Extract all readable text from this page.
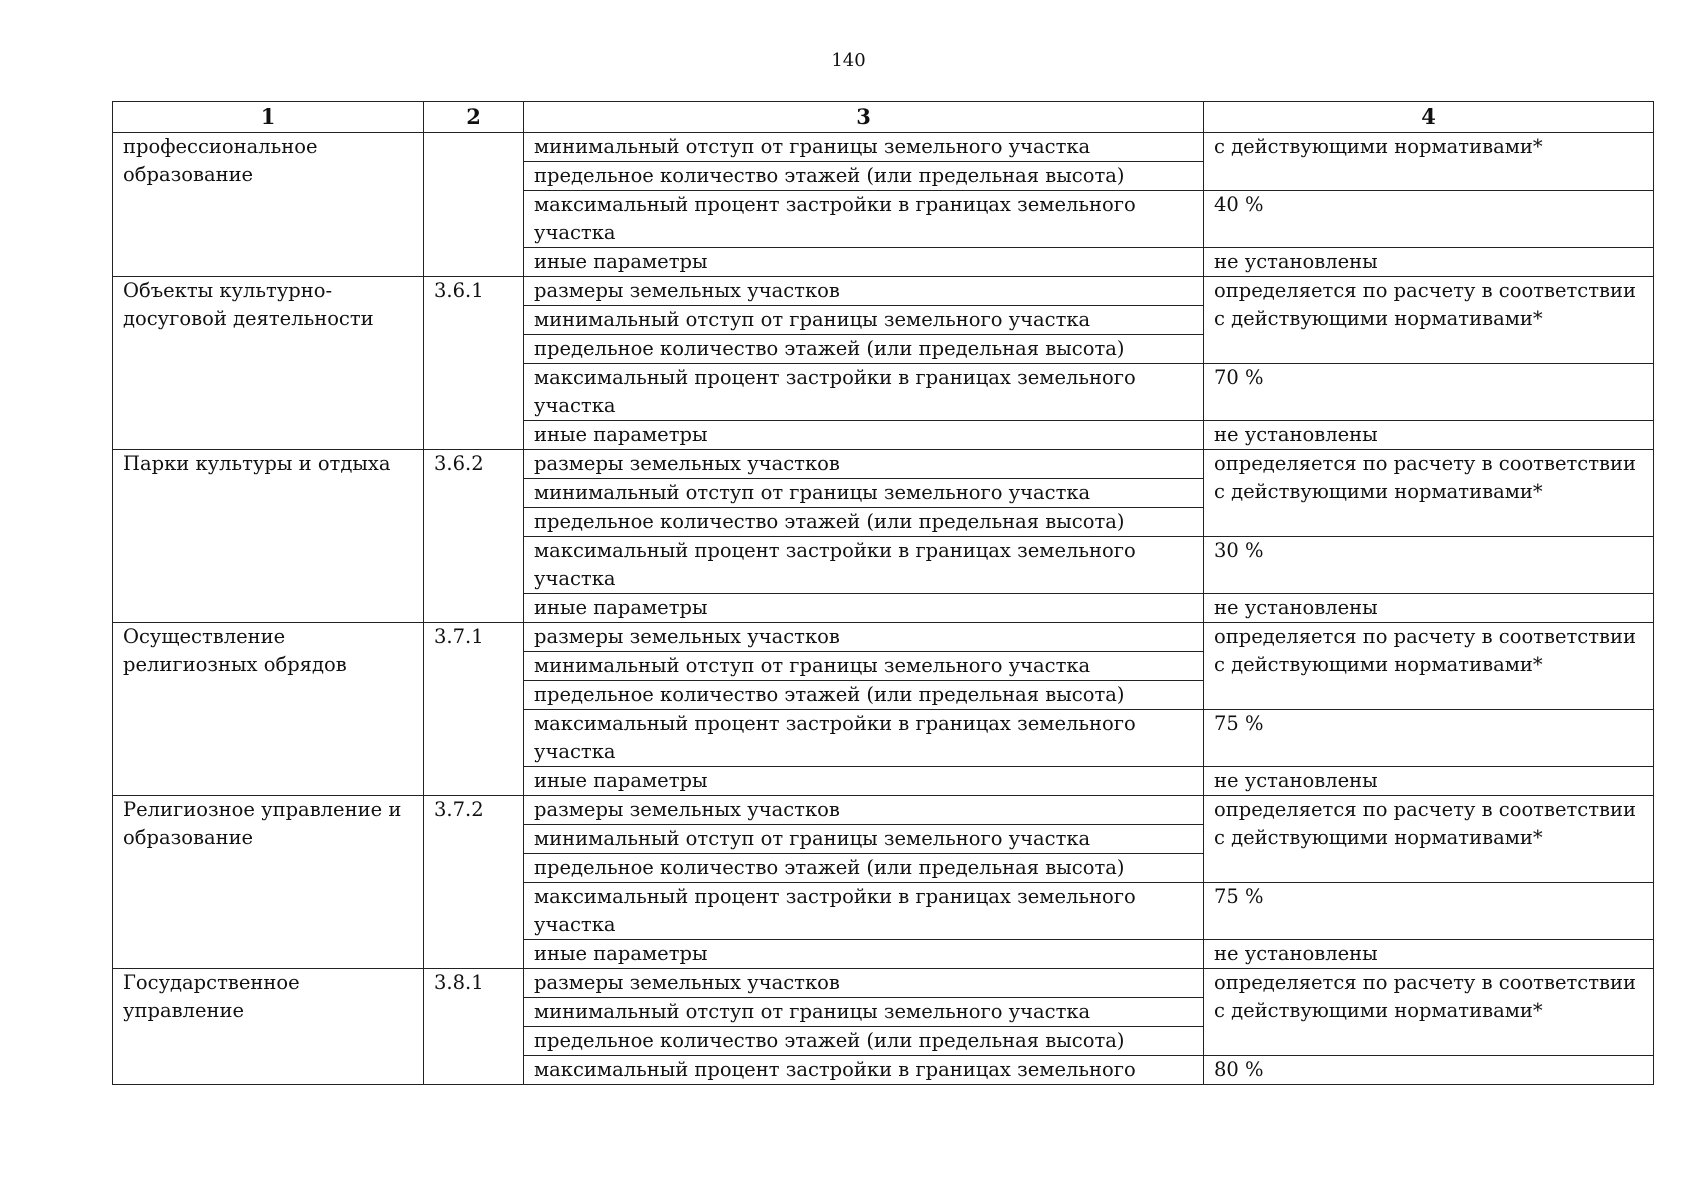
140
1	2	3	4
профессиональное образование		минимальный отступ от границы земельного участка	с действующими нормативами*
		предельное количество этажей (или предельная высота)	
		максимальный процент застройки в границах земельного участка	40 %
		иные параметры	не установлены
Объекты культурно-досуговой деятельности	3.6.1	размеры земельных участков	определяется по расчету в соответствии с действующими нормативами*
		минимальный отступ от границы земельного участка	
		предельное количество этажей (или предельная высота)	
		максимальный процент застройки в границах земельного участка	70 %
		иные параметры	не установлены
Парки культуры и отдыха	3.6.2	размеры земельных участков	определяется по расчету в соответствии с действующими нормативами*
		минимальный отступ от границы земельного участка	
		предельное количество этажей (или предельная высота)	
		максимальный процент застройки в границах земельного участка	30 %
		иные параметры	не установлены
Осуществление религиозных обрядов	3.7.1	размеры земельных участков	определяется по расчету в соответствии с действующими нормативами*
		минимальный отступ от границы земельного участка	
		предельное количество этажей (или предельная высота)	
		максимальный процент застройки в границах земельного участка	75 %
		иные параметры	не установлены
Религиозное управление и образование	3.7.2	размеры земельных участков	определяется по расчету в соответствии с действующими нормативами*
		минимальный отступ от границы земельного участка	
		предельное количество этажей (или предельная высота)	
		максимальный процент застройки в границах земельного участка	75 %
		иные параметры	не установлены
Государственное управление	3.8.1	размеры земельных участков	определяется по расчету в соответствии с действующими нормативами*
		минимальный отступ от границы земельного участка	
		предельное количество этажей (или предельная высота)	
		максимальный процент застройки в границах земельного	80 %
